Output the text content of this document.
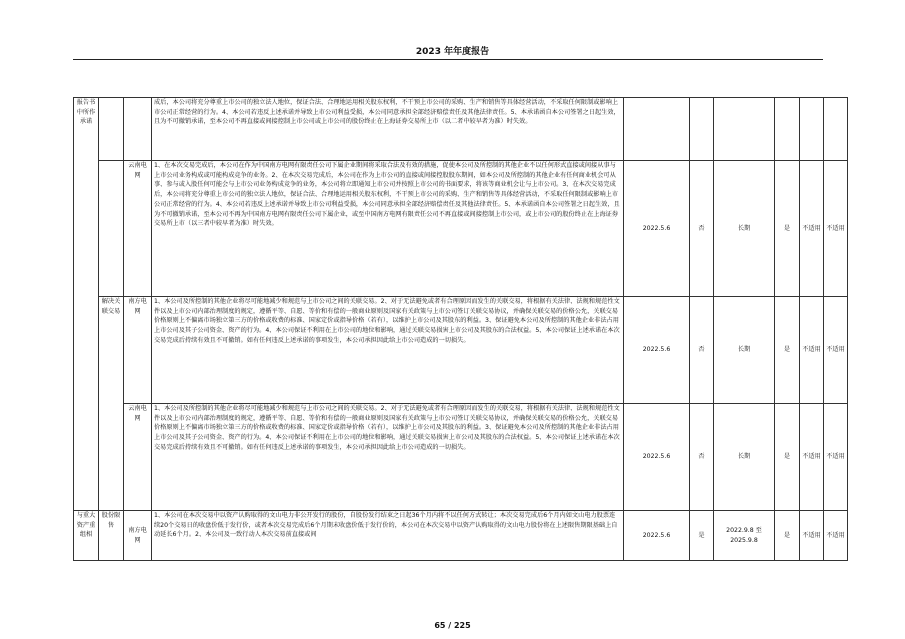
2023 年年度报告
报告书中所作承诺			成后，本公司将充分尊重上市公司的独立法人地位，保证合法、合理地运用相关股东权利，不干预上市公司的采购、生产和销售等具体经营活动，不采取任何限制或影响上市公司正常经营的行为。4、本公司若违反上述承诺并导致上市公司利益受损，本公司同意承担全部经济赔偿责任及其他法律责任。5、本承诺函自本公司签署之日起生效，且为不可撤销承诺，至本公司不再直接或间接控制上市公司或上市公司的股份终止在上海证券交易所上市（以二者中较早者为准）时失效。						
		云南电网	1、在本次交易完成后，本公司在作为中国南方电网有限责任公司下属企业期间将采取合法及有效的措施，促使本公司及所控制的其他企业不以任何形式直接或间接从事与上市公司业务构成或可能构成竞争的业务。2、在本次交易完成后，本公司在作为上市公司的直接或间接控股股东期间，如本公司及所控制的其他企业有任何商业机会可从事、参与或入股任何可能会与上市公司业务构成竞争的业务，本公司将立即通知上市公司并按照上市公司的书面要求，将该等商业机会让与上市公司。3、在本次交易完成后，本公司将充分尊重上市公司的独立法人地位，保证合法、合理地运用相关股东权利，不干预上市公司的采购、生产和销售等具体经营活动，不采取任何限制或影响上市公司正常经营的行为。4、本公司若违反上述承诺并导致上市公司利益受损，本公司同意承担全部经济赔偿责任及其他法律责任。5、本承诺函自本公司签署之日起生效，且为不可撤销承诺，至本公司不再为中国南方电网有限责任公司下属企业，或至中国南方电网有限责任公司不再直接或间接控制上市公司，或上市公司的股份终止在上海证券交易所上市（以三者中较早者为准）时失效。	2022.5.6	否	长期	是	不适用	不适用
	解决关联交易	南方电网	1、本公司及所控制的其他企业将尽可能地减少和规范与上市公司之间的关联交易。2、对于无法避免或者有合理原因而发生的关联交易，将根据有关法律、法规和规范性文件以及上市公司内部治理制度的规定，遵循平等、自愿、等价和有偿的一般商业原则及国家有关政策与上市公司签订关联交易协议，并确保关联交易的价格公允，关联交易价格原则上不偏离市场独立第三方的价格或收费的标准、国家定价或指导价格（若有），以维护上市公司及其股东的利益。3、保证避免本公司及所控制的其他企业非法占用上市公司及其子公司资金、资产的行为。4、本公司保证不利用在上市公司的地位和影响，通过关联交易损害上市公司及其股东的合法权益。5、本公司保证上述承诺在本次交易完成后持续有效且不可撤销。如有任何违反上述承诺的事项发生，本公司承担因此给上市公司造成的一切损失。	2022.5.6	否	长期	是	不适用	不适用
		云南电网	1、本公司及所控制的其他企业将尽可能地减少和规范与上市公司之间的关联交易。2、对于无法避免或者有合理原因而发生的关联交易，将根据有关法律、法规和规范性文件以及上市公司内部治理制度的规定，遵循平等、自愿、等价和有偿的一般商业原则及国家有关政策与上市公司签订关联交易协议，并确保关联交易的价格公允，关联交易价格原则上不偏离市场独立第三方的价格或收费的标准、国家定价或指导价格（若有），以维护上市公司及其股东的利益。3、保证避免本公司及所控制的其他企业非法占用上市公司及其子公司资金、资产的行为。4、本公司保证不利用在上市公司的地位和影响，通过关联交易损害上市公司及其股东的合法权益。5、本公司保证上述承诺在本次交易完成后持续有效且不可撤销。如有任何违反上述承诺的事项发生，本公司承担因此给上市公司造成的一切损失。	2022.5.6	否	长期	是	不适用	不适用
与重大资产重组相	股份限售	南方电网	1、本公司在本次交易中以资产认购取得的文山电力非公开发行的股份，自股份发行结束之日起36个月内将不以任何方式转让；本次交易完成后6个月内如文山电力股票连续20个交易日的收盘价低于发行价，或者本次交易完成后6个月期末收盘价低于发行价的，本公司在本次交易中以资产认购取得的文山电力股份将在上述限售期限基础上自动延长6个月。2、本公司及一致行动人本次交易前直接或间	2022.5.6	是	2022.9.8 至 2025.9.8	是	不适用	不适用
65 / 225
